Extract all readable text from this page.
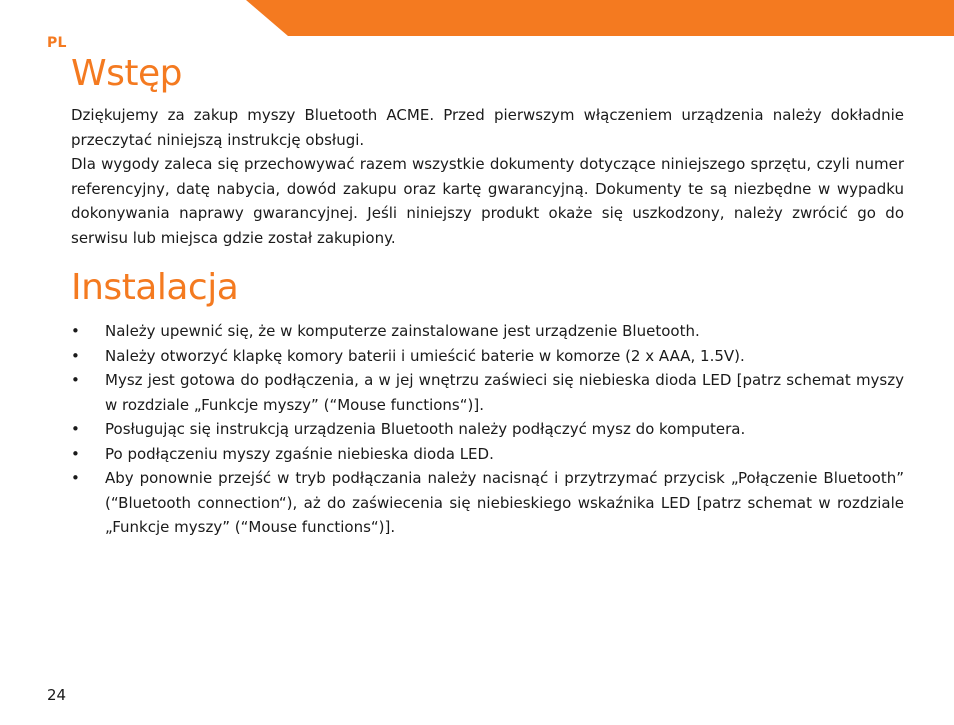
PL
Wstęp

Dziękujemy za zakup myszy Bluetooth ACME. Przed pierwszym włączeniem urządzenia należy dokładnie przeczytać niniejszą instrukcję obsługi.

Dla wygody zaleca się przechowywać razem wszystkie dokumenty dotyczące niniejszego sprzętu, czyli numer referencyjny, datę nabycia, dowód zakupu oraz kartę gwarancyjną. Dokumenty te są niezbędne w wypadku dokonywania naprawy gwarancyjnej. Jeśli niniejszy produkt okaże się uszkodzony, należy zwrócić go do serwisu lub miejsca gdzie został zakupiony.

Instalacja
• Należy upewnić się, że w komputerze zainstalowane jest urządzenie Bluetooth.
• Należy otworzyć klapkę komory baterii i umieścić baterie w komorze (2 x AAA, 1.5V).
• Mysz jest gotowa do podłączenia, a w jej wnętrzu zaświeci się niebieska dioda LED [patrz schemat myszy w rozdziale „Funkcje myszy” (“Mouse functions“)].
• Posługując się instrukcją urządzenia Bluetooth należy podłączyć mysz do komputera.
• Po podłączeniu myszy zgaśnie niebieska dioda LED.
• Aby ponownie przejść w tryb podłączania należy nacisnąć i przytrzymać przycisk „Połączenie Bluetooth” (“Bluetooth connection“), aż do zaświecenia się niebieskiego wskaźnika LED [patrz schemat w rozdziale „Funkcje myszy” (“Mouse functions“)].
24
